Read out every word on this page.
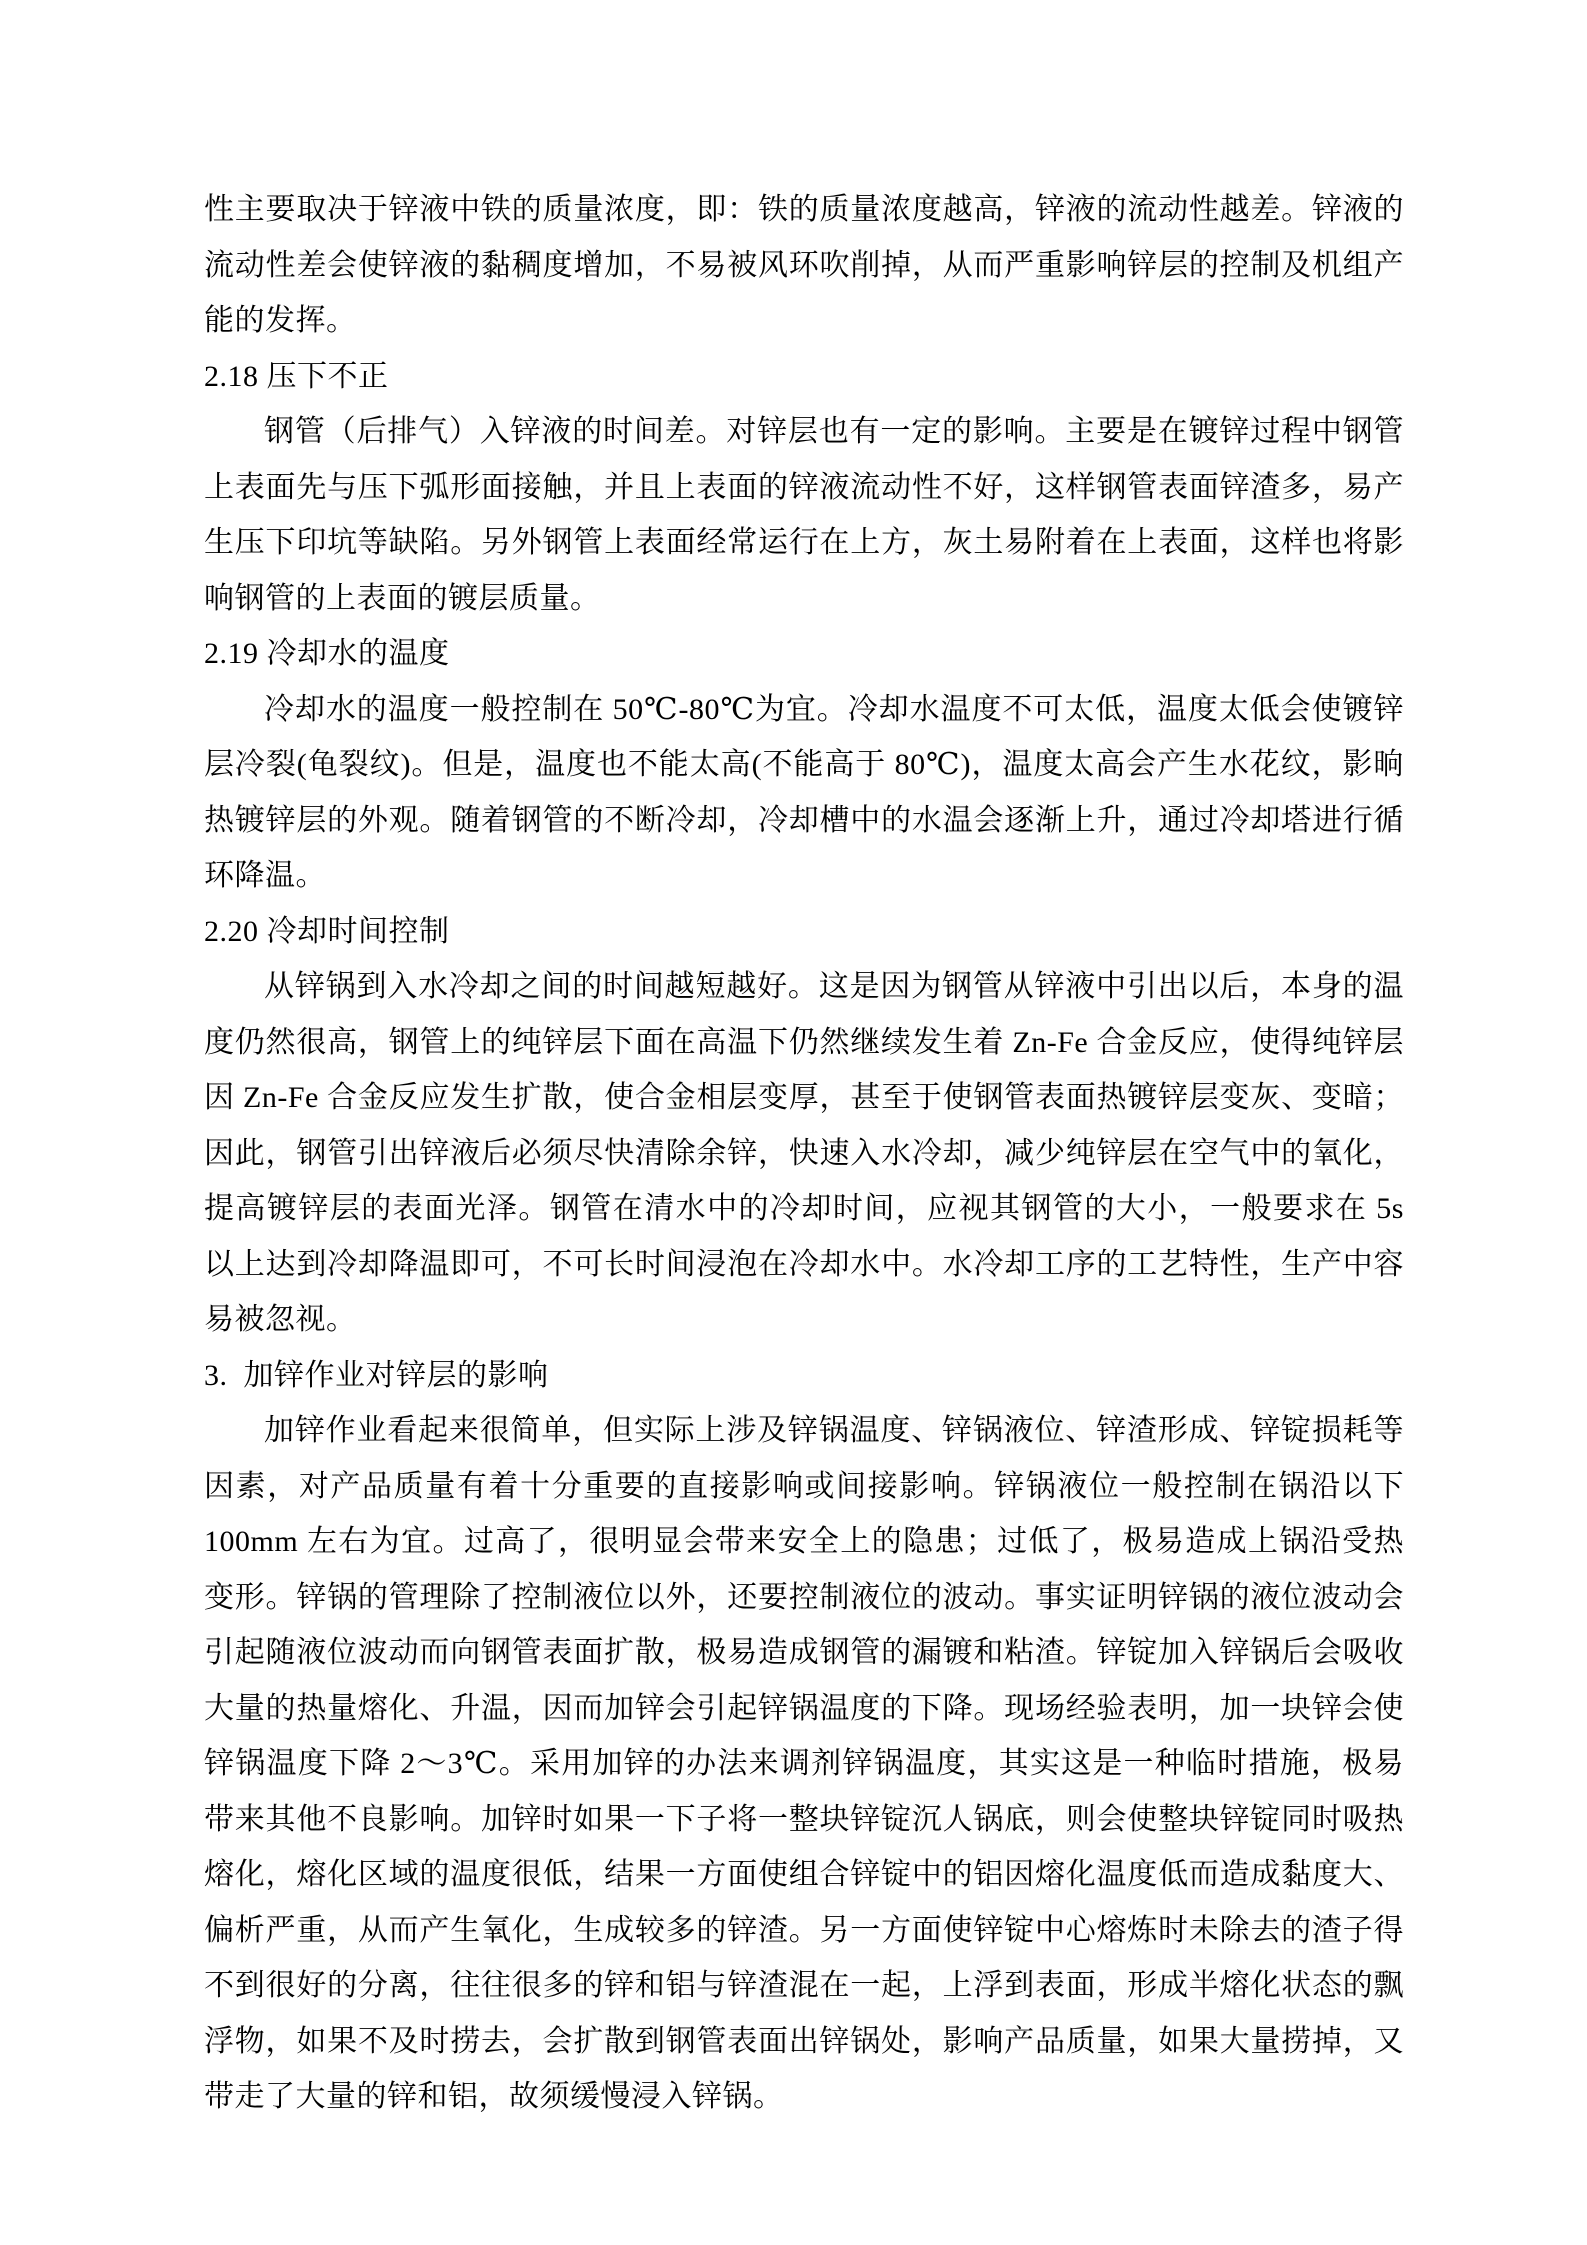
性主要取决于锌液中铁的质量浓度，即：铁的质量浓度越高，锌液的流动性越差。锌液的流动性差会使锌液的黏稠度增加，不易被风环吹削掉，从而严重影响锌层的控制及机组产能的发挥。

2.18 压下不正

钢管（后排气）入锌液的时间差。对锌层也有一定的影响。主要是在镀锌过程中钢管上表面先与压下弧形面接触，并且上表面的锌液流动性不好，这样钢管表面锌渣多，易产生压下印坑等缺陷。另外钢管上表面经常运行在上方，灰土易附着在上表面，这样也将影响钢管的上表面的镀层质量。

2.19 冷却水的温度

冷却水的温度一般控制在 50℃-80℃为宜。冷却水温度不可太低，温度太低会使镀锌层冷裂(龟裂纹)。但是，温度也不能太高(不能高于 80℃)，温度太高会产生水花纹，影晌热镀锌层的外观。随着钢管的不断冷却，冷却槽中的水温会逐渐上升，通过冷却塔进行循环降温。

2.20 冷却时间控制

从锌锅到入水冷却之间的时间越短越好。这是因为钢管从锌液中引出以后，本身的温度仍然很高，钢管上的纯锌层下面在高温下仍然继续发生着 Zn-Fe 合金反应，使得纯锌层因 Zn-Fe 合金反应发生扩散，使合金相层变厚，甚至于使钢管表面热镀锌层变灰、变暗；因此，钢管引出锌液后必须尽快清除余锌，快速入水冷却，减少纯锌层在空气中的氧化，提高镀锌层的表面光泽。钢管在清水中的冷却时间，应视其钢管的大小，一般要求在 5s 以上达到冷却降温即可，不可长时间浸泡在冷却水中。水冷却工序的工艺特性，生产中容易被忽视。

3.  加锌作业对锌层的影响

加锌作业看起来很简单，但实际上涉及锌锅温度、锌锅液位、锌渣形成、锌锭损耗等因素，对产品质量有着十分重要的直接影响或间接影响。锌锅液位一般控制在锅沿以下 100mm 左右为宜。过高了，很明显会带来安全上的隐患；过低了，极易造成上锅沿受热变形。锌锅的管理除了控制液位以外，还要控制液位的波动。事实证明锌锅的液位波动会引起随液位波动而向钢管表面扩散，极易造成钢管的漏镀和粘渣。锌锭加入锌锅后会吸收大量的热量熔化、升温，因而加锌会引起锌锅温度的下降。现场经验表明，加一块锌会使锌锅温度下降 2～3℃。采用加锌的办法来调剂锌锅温度，其实这是一种临时措施，极易带来其他不良影响。加锌时如果一下子将一整块锌锭沉人锅底，则会使整块锌锭同时吸热熔化，熔化区域的温度很低，结果一方面使组合锌锭中的铝因熔化温度低而造成黏度大、偏析严重，从而产生氧化，生成较多的锌渣。另一方面使锌锭中心熔炼时未除去的渣子得不到很好的分离，往往很多的锌和铝与锌渣混在一起，上浮到表面，形成半熔化状态的飘浮物，如果不及时捞去，会扩散到钢管表面出锌锅处，影响产品质量，如果大量捞掉，又带走了大量的锌和铝，故须缓慢浸入锌锅。
